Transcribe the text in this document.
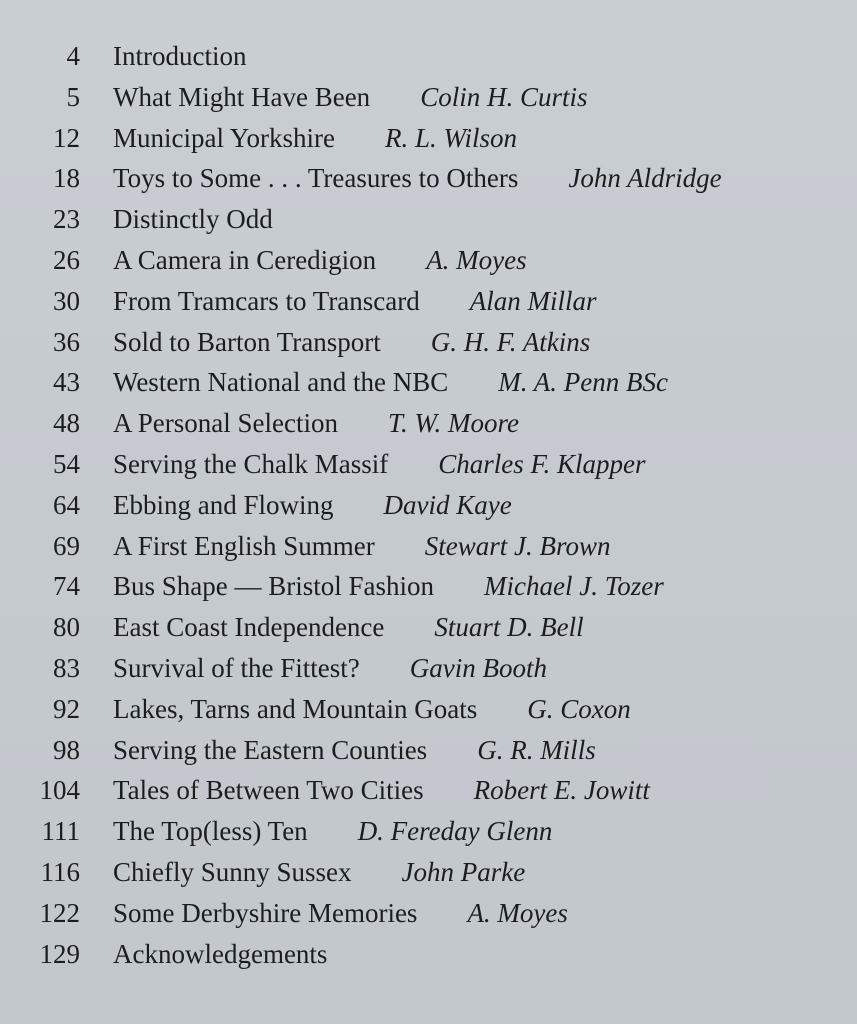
4 Introduction
5 What Might Have Been Colin H. Curtis
12 Municipal Yorkshire R. L. Wilson
18 Toys to Some . . . Treasures to Others John Aldridge
23 Distinctly Odd
26 A Camera in Ceredigion A. Moyes
30 From Tramcars to Transcard Alan Millar
36 Sold to Barton Transport G. H. F. Atkins
43 Western National and the NBC M. A. Penn BSc
48 A Personal Selection T. W. Moore
54 Serving the Chalk Massif Charles F. Klapper
64 Ebbing and Flowing David Kaye
69 A First English Summer Stewart J. Brown
74 Bus Shape — Bristol Fashion Michael J. Tozer
80 East Coast Independence Stuart D. Bell
83 Survival of the Fittest? Gavin Booth
92 Lakes, Tarns and Mountain Goats G. Coxon
98 Serving the Eastern Counties G. R. Mills
104 Tales of Between Two Cities Robert E. Jowitt
111 The Top(less) Ten D. Fereday Glenn
116 Chiefly Sunny Sussex John Parke
122 Some Derbyshire Memories A. Moyes
129 Acknowledgements
